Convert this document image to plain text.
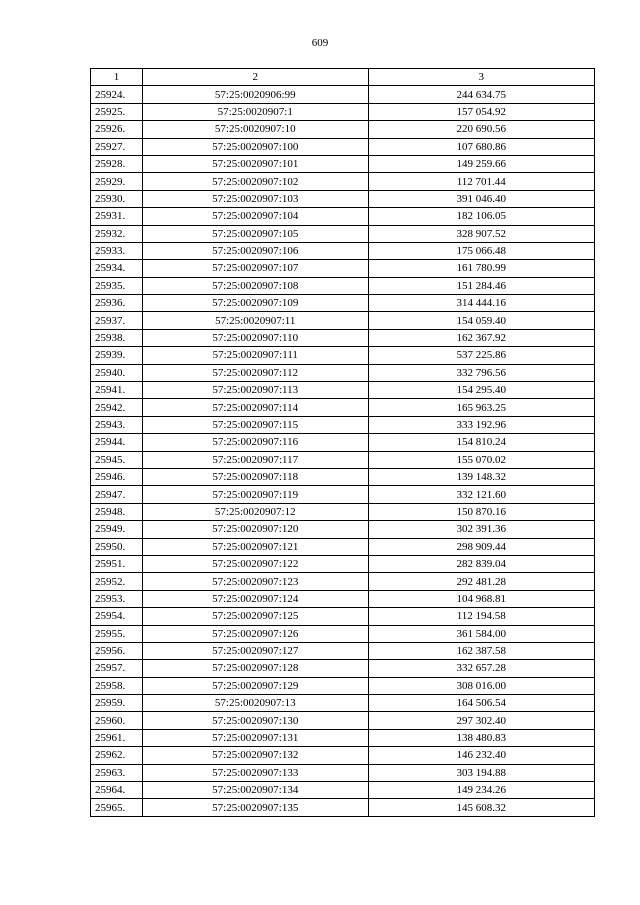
609
1	2	3
25924.	57:25:0020906:99	244 634.75
25925.	57:25:0020907:1	157 054.92
25926.	57:25:0020907:10	220 690.56
25927.	57:25:0020907:100	107 680.86
25928.	57:25:0020907:101	149 259.66
25929.	57:25:0020907:102	112 701.44
25930.	57:25:0020907:103	391 046.40
25931.	57:25:0020907:104	182 106.05
25932.	57:25:0020907:105	328 907.52
25933.	57:25:0020907:106	175 066.48
25934.	57:25:0020907:107	161 780.99
25935.	57:25:0020907:108	151 284.46
25936.	57:25:0020907:109	314 444.16
25937.	57:25:0020907:11	154 059.40
25938.	57:25:0020907:110	162 367.92
25939.	57:25:0020907:111	537 225.86
25940.	57:25:0020907:112	332 796.56
25941.	57:25:0020907:113	154 295.40
25942.	57:25:0020907:114	165 963.25
25943.	57:25:0020907:115	333 192.96
25944.	57:25:0020907:116	154 810.24
25945.	57:25:0020907:117	155 070.02
25946.	57:25:0020907:118	139 148.32
25947.	57:25:0020907:119	332 121.60
25948.	57:25:0020907:12	150 870.16
25949.	57:25:0020907:120	302 391.36
25950.	57:25:0020907:121	298 909.44
25951.	57:25:0020907:122	282 839.04
25952.	57:25:0020907:123	292 481.28
25953.	57:25:0020907:124	104 968.81
25954.	57:25:0020907:125	112 194.58
25955.	57:25:0020907:126	361 584.00
25956.	57:25:0020907:127	162 387.58
25957.	57:25:0020907:128	332 657.28
25958.	57:25:0020907:129	308 016.00
25959.	57:25:0020907:13	164 506.54
25960.	57:25:0020907:130	297 302.40
25961.	57:25:0020907:131	138 480.83
25962.	57:25:0020907:132	146 232.40
25963.	57:25:0020907:133	303 194.88
25964.	57:25:0020907:134	149 234.26
25965.	57:25:0020907:135	145 608.32
